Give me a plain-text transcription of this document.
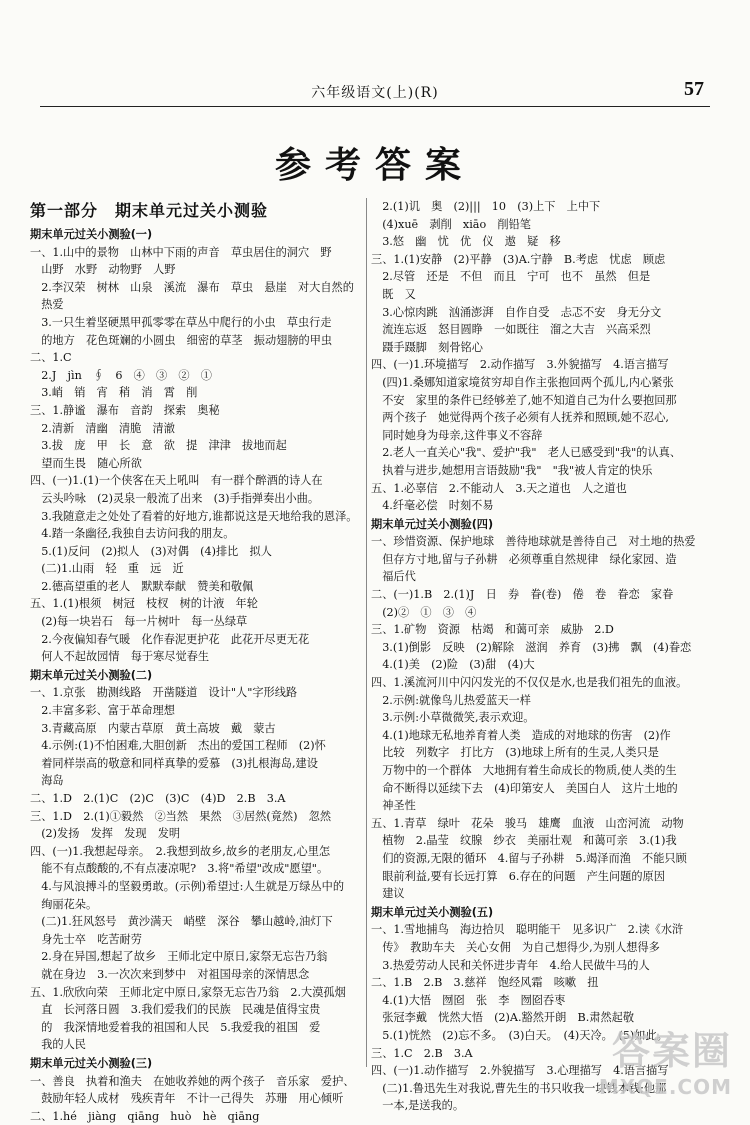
六年级语文(上)(R)	57
参考答案
第一部分　期末单元过关小测验
期末单元过关小测验(一)
一、1.山中的景物　山林中下雨的声音　草虫居住的洞穴　野
　山野　水野　动物野　人野
　2.李汉荣　树林　山泉　溪流　瀑布　草虫　悬崖　对大自然的
　热爱
　3.一只生着坚硬黑甲孤零零在草丛中爬行的小虫　草虫行走
　的地方　花色斑斓的小圆虫　细密的草茎　振动翅膀的甲虫
二、1.C
　2.J　jìn　∮　6　④　③　②　①
　3.峭　销　宵　稍　消　霄　削
三、1.静谧　瀑布　音韵　探索　奥秘
　2.清新　清幽　清脆　清澈
　3.拔　庞　甲　长　意　欲　提　津津　拔地而起
　望而生畏　随心所欲
四、(一)1.(1)一个侠客在天上吼叫　有一群个醉酒的诗人在
　云头吟咏　(2)灵泉一般流了出来　(3)手指弹奏出小曲。
　3.我随意走之处处了看着的好地方,谁都说这是天地给我的恩泽。
　4.踏一条幽径,我独自去访问我的朋友。
　5.(1)反问　(2)拟人　(3)对偶　(4)排比　拟人
　(二)1.山雨　轻　重　远　近
　2.德高望重的老人　默默奉献　赞美和敬佩
五、1.(1)根须　树冠　枝杈　树的计液　年轮
　(2)每一块岩石　每一片树叶　每一丛绿草
　2.今夜偏知春气暖　化作春泥更护花　此花开尽更无花
　何人不起故园情　每于寒尽觉春生
期末单元过关小测验(二)
一、1.京张　勘测线路　开凿隧道　设计"人"字形线路
　2.丰富多彩、富于革命理想
　3.青藏高原　内蒙古草原　黄土高坡　戴　蒙古
　4.示例:(1)不怕困难,大胆创新　杰出的爱国工程师　(2)怀
　着同样崇高的敬意和同样真挚的爱慕　(3)扎根海岛,建设
　海岛
二、1.D　2.(1)C　(2)C　(3)C　(4)D　2.B　3.A
三、1.D　2.(1)①毅然　②当然　果然　③居然(竟然)　忽然
　(2)发扬　发挥　发现　发明
四、(一)1.我想起母亲。　2.我想到故乡,故乡的老朋友,心里怎
　能不有点酸酸的,不有点凄凉呢?　3.将"希望"改成"愿望"。
　4.与风浪搏斗的坚毅勇敢。(示例)希望过:人生就是万绿丛中的
　绚丽花朵。
　(二)1.狂风怒号　黄沙满天　峭壁　深谷　攀山越岭,油灯下
　身先士卒　吃苦耐劳
　2.身在异国,想起了故乡　王师北定中原日,家祭无忘告乃翁
　就在身边　3.一次次来到梦中　对祖国母亲的深情思念
五、1.欣欣向荣　王师北定中原日,家祭无忘告乃翁　2.大漠孤烟
　直　长河落日圆　3.我们爱我们的民族　民魂是值得宝贵
　的　我深情地爱着我的祖国和人民　5.我爱我的祖国　爱
　我的人民
期末单元过关小测验(三)
一、善良　执着和渔夫　在她收养她的两个孩子　音乐家　爱护、
　鼓励年轻人成材　残疾青年　不计一己得失　苏珊　用心倾听
二、1.hé　jiàng　qiāng　huò　hè　qiāng
　2.(1)讥　奥　(2)|||　10　(3)上下　上中下
　(4)xuē　剥削　xiāo　削铅笔
　3.悠　幽　忧　优　仪　遨　疑　移
三、1.(1)安静　(2)平静　(3)A.宁静　B.考虑　忧虑　顾虑
　2.尽管　还是　不但　而且　宁可　也不　虽然　但是
　既　又
　3.心惊肉跳　汹涌澎湃　自作自受　忐忑不安　身无分文
　流连忘返　怒目圆睁　一如既往　溜之大吉　兴高采烈
　蹑手蹑脚　刻骨铭心
四、(一)1.环境描写　2.动作描写　3.外貌描写　4.语言描写
　(四)1.桑娜知道家境贫穷却自作主张抱回两个孤儿,内心紧张
　不安　家里的条件已经够差了,她不知道自己为什么要抱回那
　两个孩子　她觉得两个孩子必须有人抚养和照顾,她不忍心,
　同时她身为母亲,这件事义不容辞
　2.老人一直关心"我"、爱护"我"　老人已感受到"我"的认真、
　执着与进步,她想用言语鼓励"我"　"我"被人肯定的快乐
五、1.必辜信　2.不能动人　3.天之道也　人之道也
　4.纤毫必偿　时刻不易
期末单元过关小测验(四)
一、珍惜资源、保护地球　善待地球就是善待自己　对土地的热爱
　但存方寸地,留与子孙耕　必须尊重自然规律　绿化家园、造
　福后代
二、(一)1.B　2.(1)J　日　券　眷(卷)　倦　卷　眷恋　家眷
　(2)②　①　③　④
三、1.矿物　资源　枯竭　和蔼可亲　威胁　2.D
　3.(1)倒影　反映　(2)解除　滋润　养育　(3)拂　飘　(4)眷恋
　4.(1)美　(2)险　(3)甜　(4)大
四、1.溪流河川中闪闪发光的不仅仅是水,也是我们祖先的血液。
　2.示例:就像鸟儿热爱蓝天一样
　3.示例:小草微微笑,表示欢迎。
　4.(1)地球无私地养育着人类　造成的对地球的伤害　(2)作
　比较　列数字　打比方　(3)地球上所有的生灵,人类只是
　万物中的一个群体　大地拥有着生命成长的物质,使人类的生
　命不断得以延续下去　(4)印第安人　美国白人　这片土地的
　神圣性
五、1.青草　绿叶　花朵　骏马　雄鹰　血液　山峦河流　动物
　植物　2.晶莹　纹腺　纱衣　美丽壮观　和蔼可亲　3.(1)我
　们的资源,无限的循环　4.留与子孙耕　5.竭泽而渔　不能只顾
　眼前利益,要有长远打算　6.存在的问题　产生问题的原因
　建议
期末单元过关小测验(五)
一、1.雪地捕鸟　海边拾贝　聪明能干　见多识广　2.读《水浒
　传》　教助车夫　关心女佣　为自己想得少,为别人想得多
　3.热爱劳动人民和关怀进步青年　4.给人民做牛马的人
二、1.B　2.B　3.慈祥　饱经风霜　咳嗽　扭
　4.(1)大悟　囫囵　张　李　囫囵吞枣
　张冠李戴　恍然大悟　(2)A.豁然开朗　B.肃然起敬
　5.(1)恍然　(2)忘不多。　(3)白天。　(4)天冷。　(5)如此。
三、1.C　2.B　3.A
四、(一)1.动作描写　2.外貌描写　3.心理描写　4.语言描写
　(二)1.鲁迅先生对我说,曹先生的书只收我一块钱本钱;他那
　一本,是送我的。
答案圈
MXQE.COM
